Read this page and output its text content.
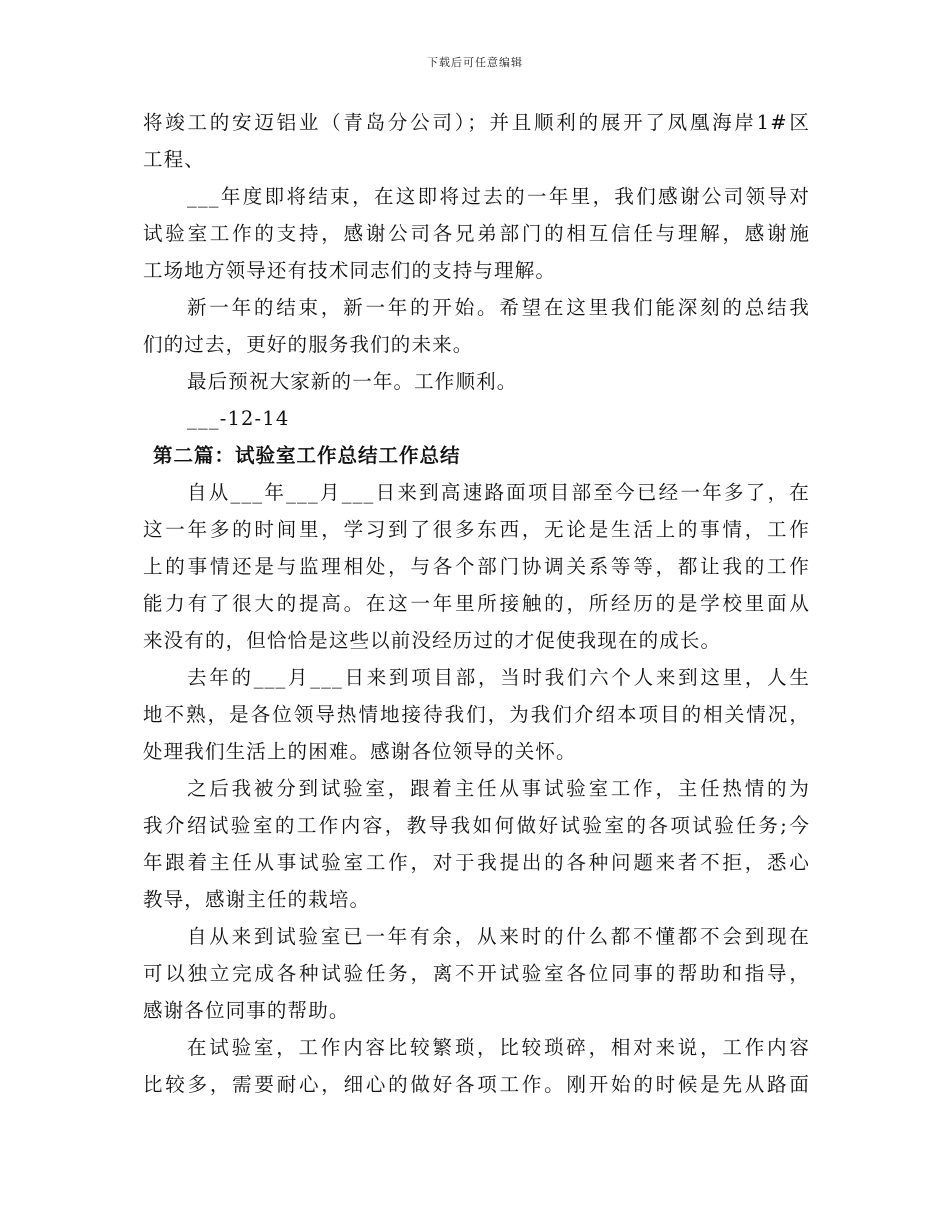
下载后可任意编辑
将竣工的安迈铝业（青岛分公司）；并且顺利的展开了凤凰海岸1#区
工程、
___年度即将结束，在这即将过去的一年里，我们感谢公司领导对
试验室工作的支持，感谢公司各兄弟部门的相互信任与理解，感谢施
工场地方领导还有技术同志们的支持与理解。
新一年的结束，新一年的开始。希望在这里我们能深刻的总结我
们的过去，更好的服务我们的未来。
最后预祝大家新的一年。工作顺利。
___-12-14
第二篇：试验室工作总结工作总结
自从___年___月___日来到高速路面项目部至今已经一年多了，在
这一年多的时间里，学习到了很多东西，无论是生活上的事情，工作
上的事情还是与监理相处，与各个部门协调关系等等，都让我的工作
能力有了很大的提高。在这一年里所接触的，所经历的是学校里面从
来没有的，但恰恰是这些以前没经历过的才促使我现在的成长。
去年的___月___日来到项目部，当时我们六个人来到这里，人生
地不熟，是各位领导热情地接待我们，为我们介绍本项目的相关情况，
处理我们生活上的困难。感谢各位领导的关怀。
之后我被分到试验室，跟着主任从事试验室工作，主任热情的为
我介绍试验室的工作内容，教导我如何做好试验室的各项试验任务;今
年跟着主任从事试验室工作，对于我提出的各种问题来者不拒，悉心
教导，感谢主任的栽培。
自从来到试验室已一年有余，从来时的什么都不懂都不会到现在
可以独立完成各种试验任务，离不开试验室各位同事的帮助和指导，
感谢各位同事的帮助。
在试验室，工作内容比较繁琐，比较琐碎，相对来说，工作内容
比较多，需要耐心，细心的做好各项工作。刚开始的时候是先从路面
